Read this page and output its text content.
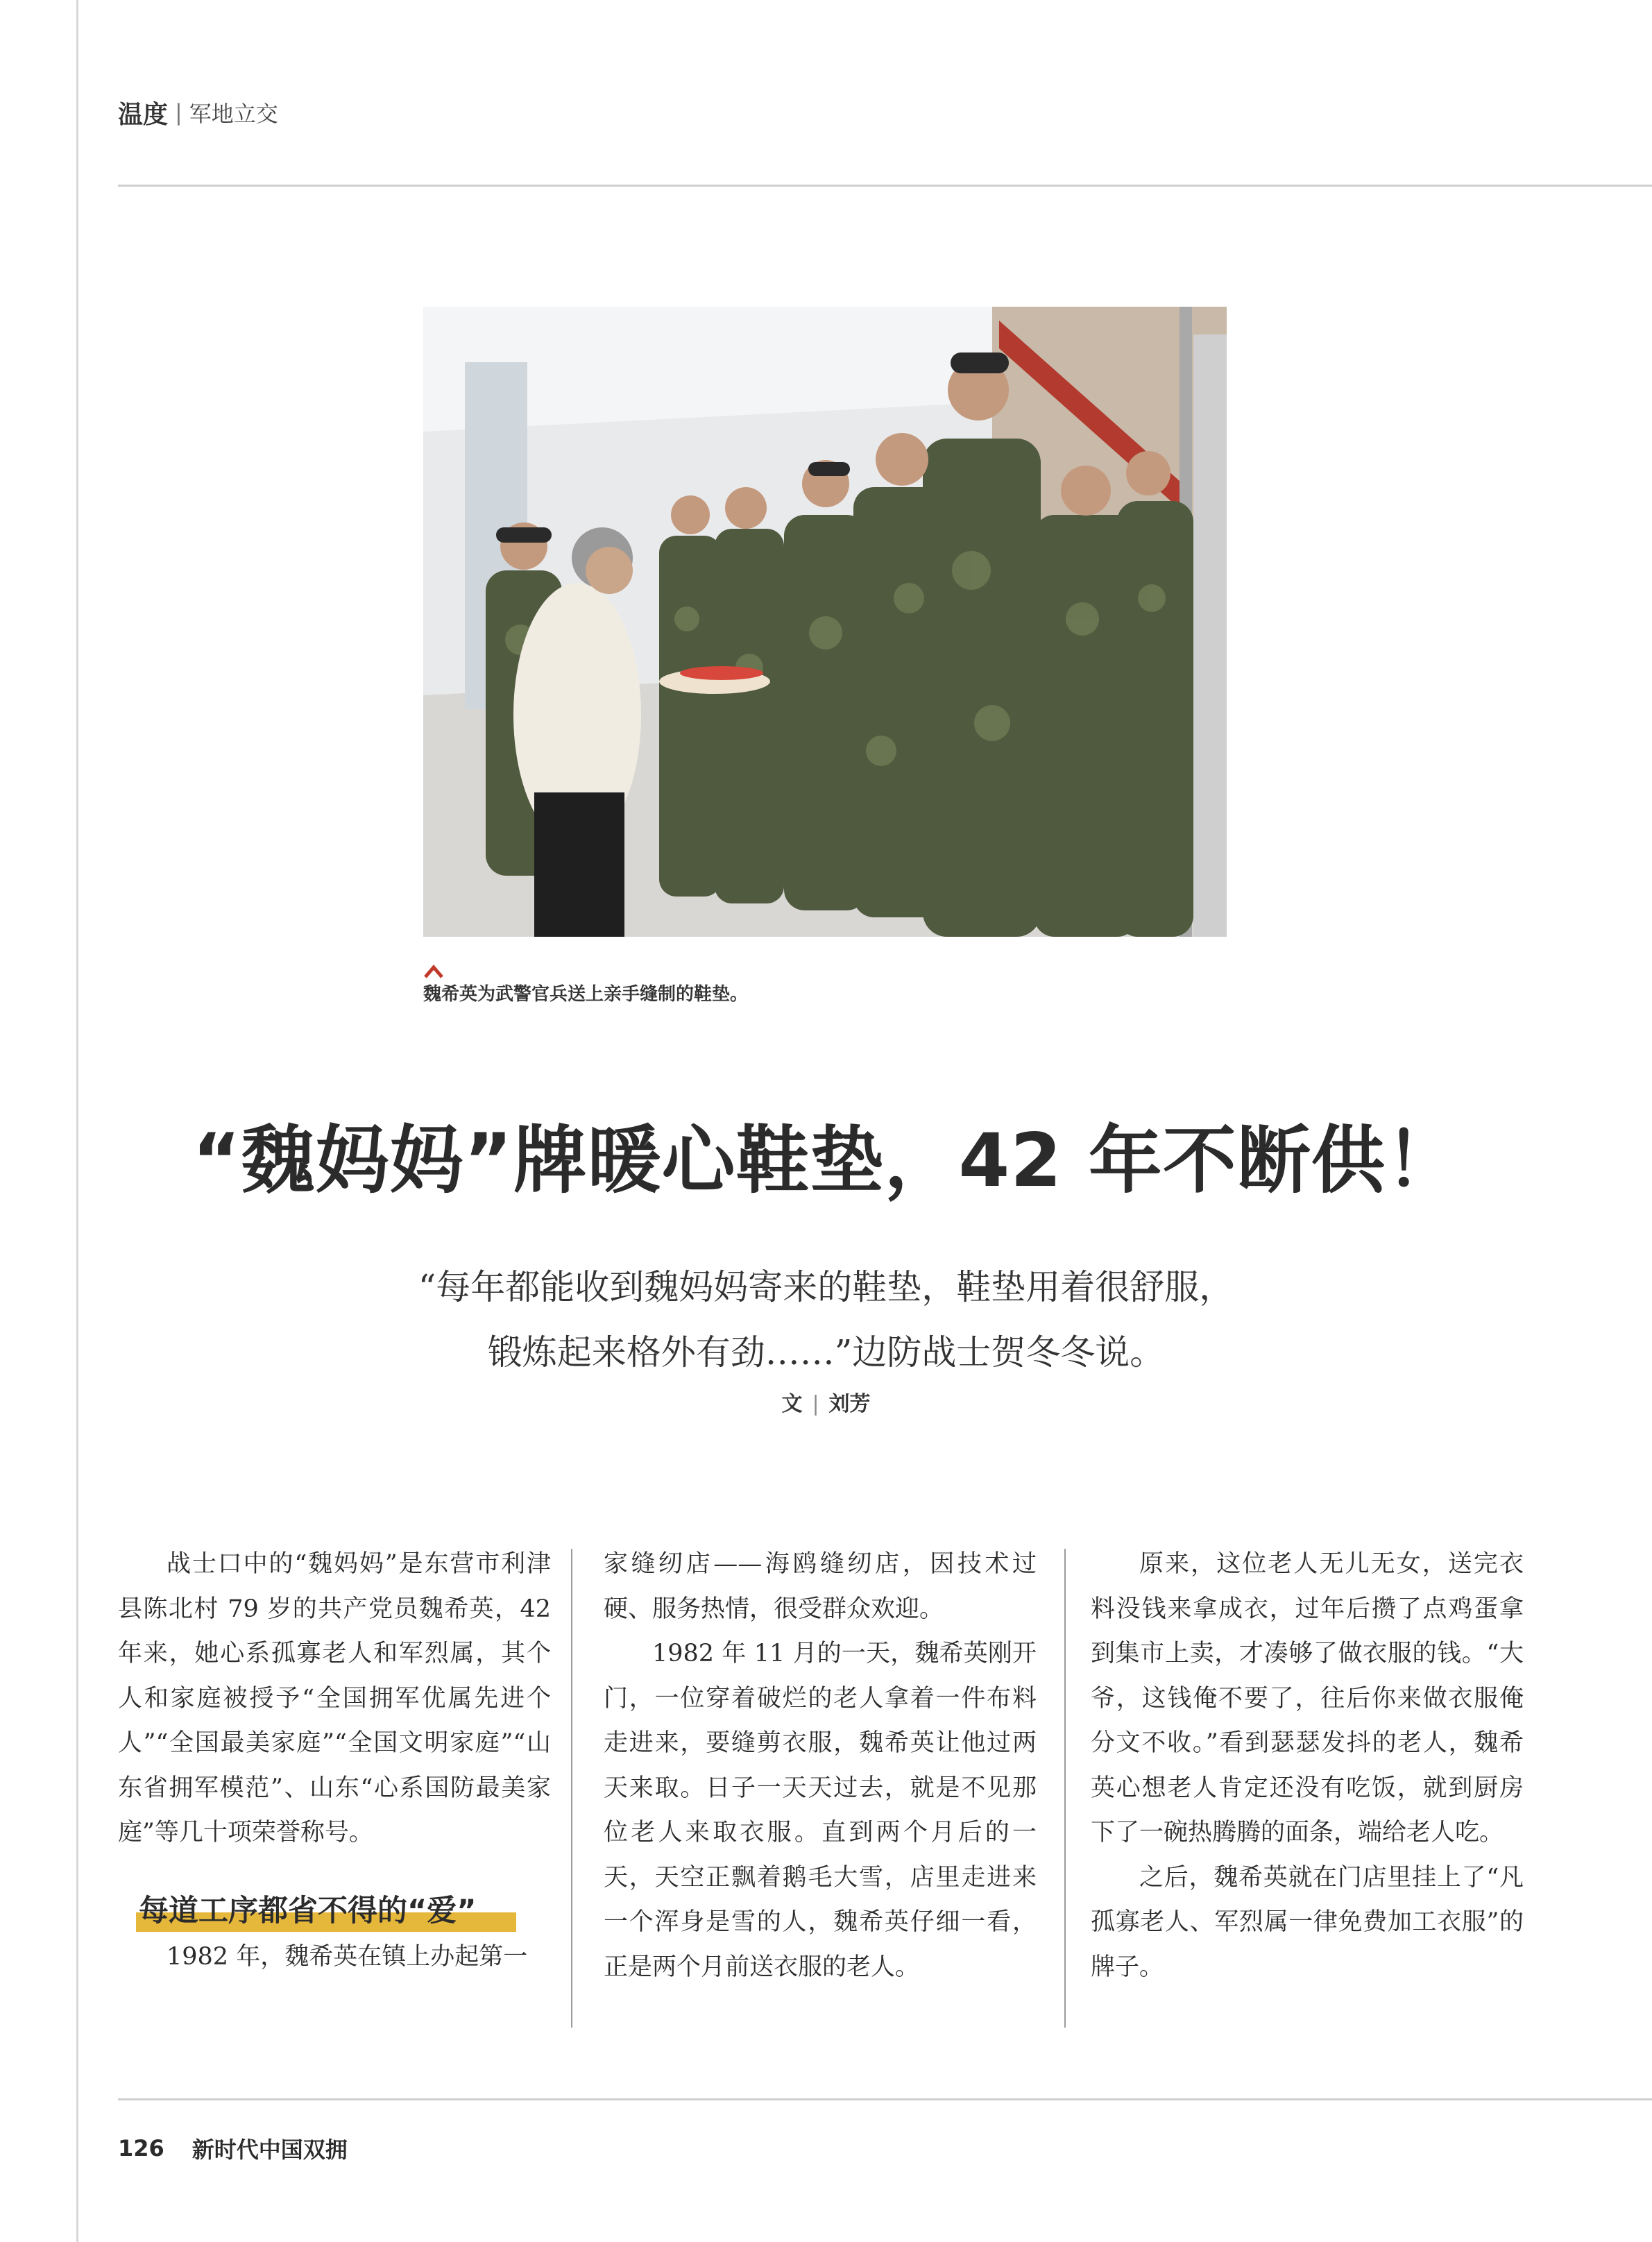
温度 | 军地立交
魏希英为武警官兵送上亲手缝制的鞋垫。
“魏妈妈”牌暖心鞋垫，42 年不断供！
“每年都能收到魏妈妈寄来的鞋垫，鞋垫用着很舒服，
锻炼起来格外有劲……”边防战士贺冬冬说。
文 | 刘芳

战士口中的“魏妈妈”是东营市利津县陈北村 79 岁的共产党员魏希英，42 年来，她心系孤寡老人和军烈属，其个人和家庭被授予“全国拥军优属先进个人”“全国最美家庭”“全国文明家庭”“山东省拥军模范”、山东“心系国防最美家庭”等几十项荣誉称号。

每道工序都省不得的“爱”

1982 年，魏希英在镇上办起第一

家缝纫店——海鸥缝纫店，因技术过硬、服务热情，很受群众欢迎。

1982 年 11 月的一天，魏希英刚开门，一位穿着破烂的老人拿着一件布料走进来，要缝剪衣服，魏希英让他过两天来取。日子一天天过去，就是不见那位老人来取衣服。直到两个月后的一天，天空正飘着鹅毛大雪，店里走进来一个浑身是雪的人，魏希英仔细一看，正是两个月前送衣服的老人。

原来，这位老人无儿无女，送完衣料没钱来拿成衣，过年后攒了点鸡蛋拿到集市上卖，才凑够了做衣服的钱。“大爷，这钱俺不要了，往后你来做衣服俺分文不收。”看到瑟瑟发抖的老人，魏希英心想老人肯定还没有吃饭，就到厨房下了一碗热腾腾的面条，端给老人吃。

之后，魏希英就在门店里挂上了“凡孤寡老人、军烈属一律免费加工衣服”的牌子。

126 新时代中国双拥
